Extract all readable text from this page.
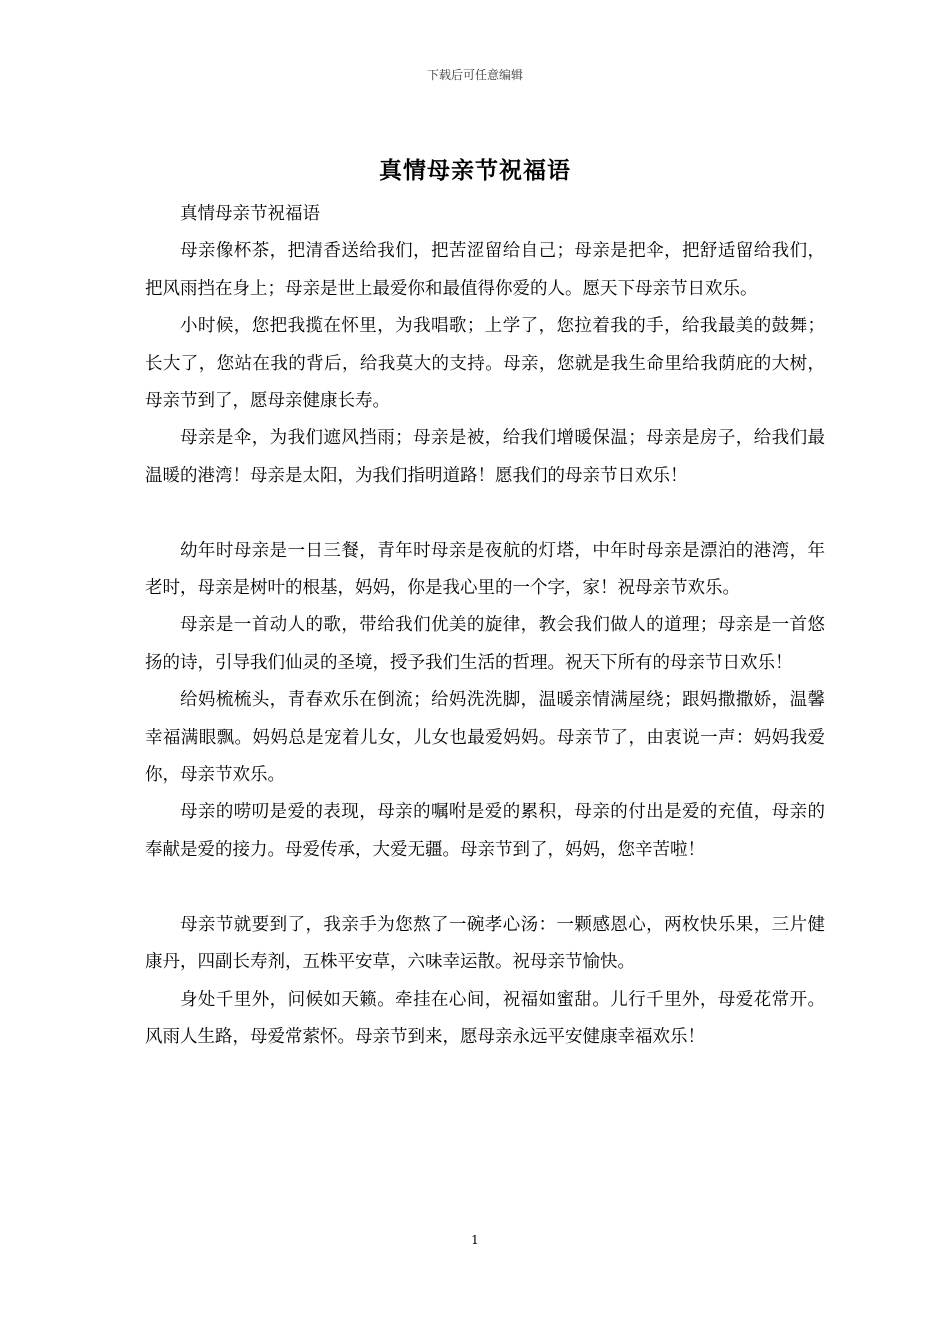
下载后可任意编辑
真情母亲节祝福语

真情母亲节祝福语

母亲像杯茶，把清香送给我们，把苦涩留给自己；母亲是把伞，把舒适留给我们，把风雨挡在身上；母亲是世上最爱你和最值得你爱的人。愿天下母亲节日欢乐。

小时候，您把我揽在怀里，为我唱歌；上学了，您拉着我的手，给我最美的鼓舞；长大了，您站在我的背后，给我莫大的支持。母亲，您就是我生命里给我荫庇的大树，母亲节到了，愿母亲健康长寿。

母亲是伞，为我们遮风挡雨；母亲是被，给我们增暖保温；母亲是房子，给我们最温暖的港湾！母亲是太阳，为我们指明道路！愿我们的母亲节日欢乐！

幼年时母亲是一日三餐，青年时母亲是夜航的灯塔，中年时母亲是漂泊的港湾，年老时，母亲是树叶的根基，妈妈，你是我心里的一个字，家！祝母亲节欢乐。

母亲是一首动人的歌，带给我们优美的旋律，教会我们做人的道理；母亲是一首悠扬的诗，引导我们仙灵的圣境，授予我们生活的哲理。祝天下所有的母亲节日欢乐！

给妈梳梳头，青春欢乐在倒流；给妈洗洗脚，温暖亲情满屋绕；跟妈撒撒娇，温馨幸福满眼飘。妈妈总是宠着儿女，儿女也最爱妈妈。母亲节了，由衷说一声：妈妈我爱你，母亲节欢乐。

母亲的唠叨是爱的表现，母亲的嘱咐是爱的累积，母亲的付出是爱的充值，母亲的奉献是爱的接力。母爱传承，大爱无疆。母亲节到了，妈妈，您辛苦啦！

母亲节就要到了，我亲手为您熬了一碗孝心汤：一颗感恩心，两枚快乐果，三片健康丹，四副长寿剂，五株平安草，六味幸运散。祝母亲节愉快。

身处千里外，问候如天籁。牵挂在心间，祝福如蜜甜。儿行千里外，母爱花常开。风雨人生路，母爱常萦怀。母亲节到来，愿母亲永远平安健康幸福欢乐！

1
